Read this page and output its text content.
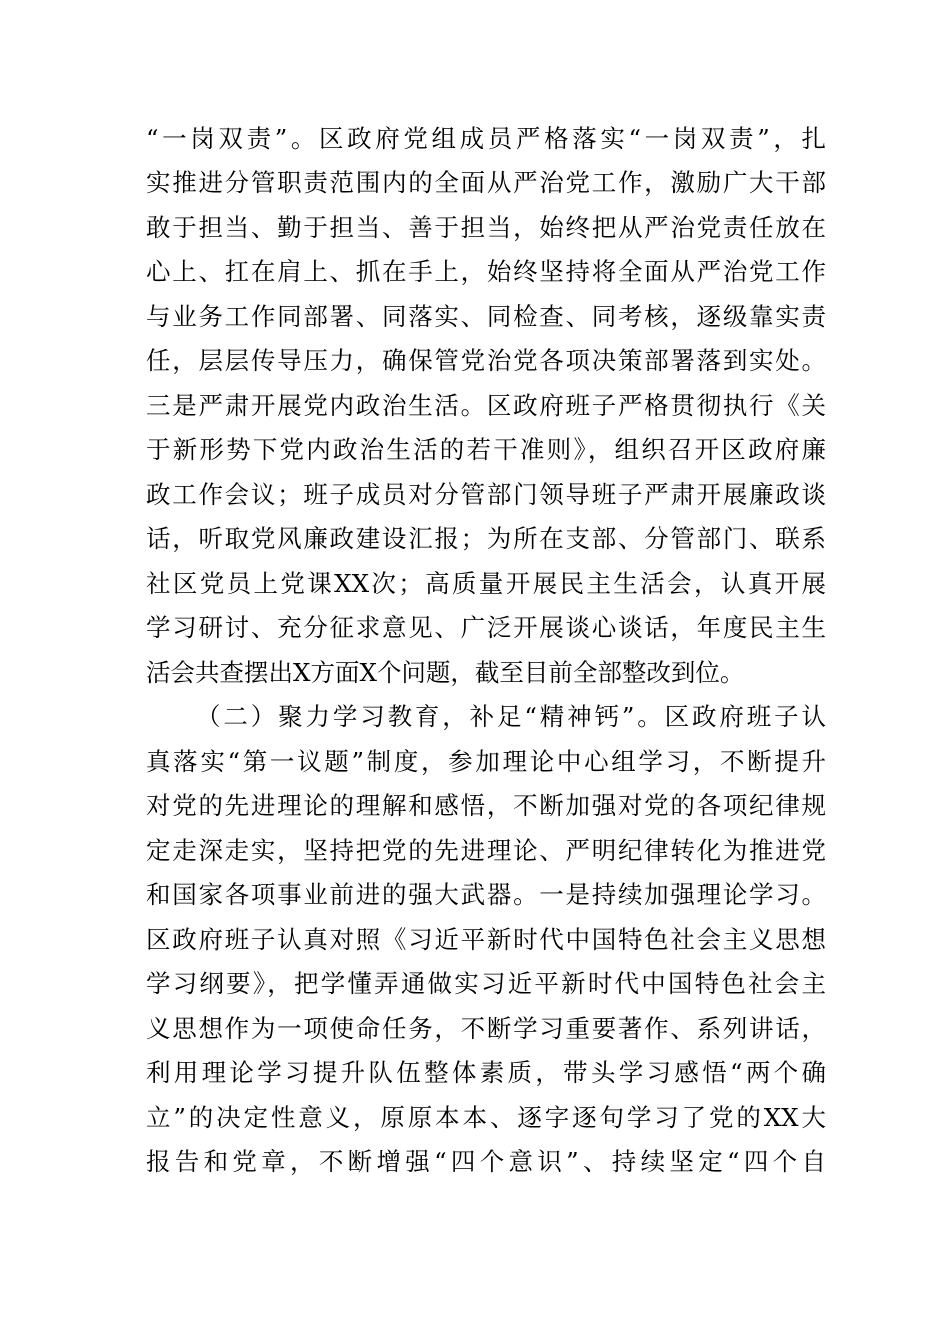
“一岗双责”。区政府党组成员严格落实“一岗双责”，扎
实推进分管职责范围内的全面从严治党工作，激励广大干部
敢于担当、勤于担当、善于担当，始终把从严治党责任放在
心上、扛在肩上、抓在手上，始终坚持将全面从严治党工作
与业务工作同部署、同落实、同检查、同考核，逐级靠实责
任，层层传导压力，确保管党治党各项决策部署落到实处。
三是严肃开展党内政治生活。区政府班子严格贯彻执行《关
于新形势下党内政治生活的若干准则》，组织召开区政府廉
政工作会议；班子成员对分管部门领导班子严肃开展廉政谈
话，听取党风廉政建设汇报；为所在支部、分管部门、联系
社区党员上党课XX次；高质量开展民主生活会，认真开展
学习研讨、充分征求意见、广泛开展谈心谈话，年度民主生
活会共查摆出X方面X个问题，截至目前全部整改到位。
（二）聚力学习教育，补足“精神钙”。区政府班子认
真落实“第一议题”制度，参加理论中心组学习，不断提升
对党的先进理论的理解和感悟，不断加强对党的各项纪律规
定走深走实，坚持把党的先进理论、严明纪律转化为推进党
和国家各项事业前进的强大武器。一是持续加强理论学习。
区政府班子认真对照《习近平新时代中国特色社会主义思想
学习纲要》，把学懂弄通做实习近平新时代中国特色社会主
义思想作为一项使命任务，不断学习重要著作、系列讲话，
利用理论学习提升队伍整体素质，带头学习感悟“两个确
立”的决定性意义，原原本本、逐字逐句学习了党的XX大
报告和党章，不断增强“四个意识”、持续坚定“四个自
